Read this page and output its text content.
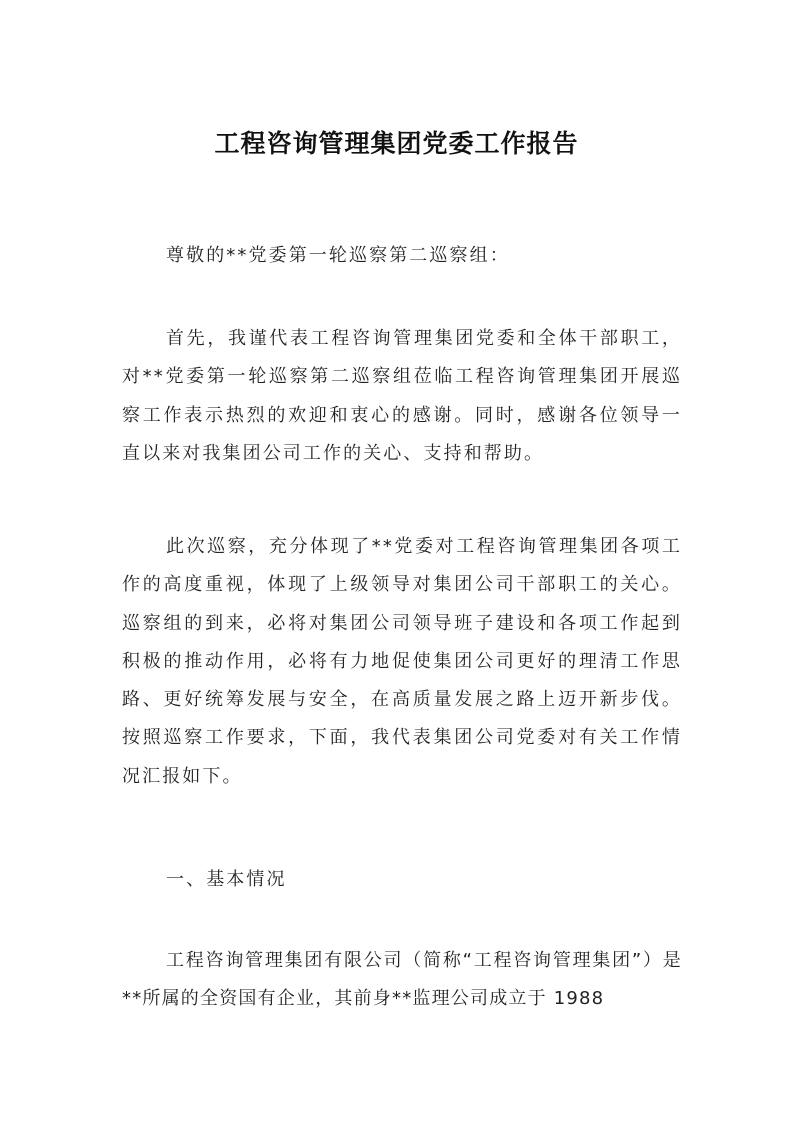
工程咨询管理集团党委工作报告

尊敬的**党委第一轮巡察第二巡察组：

首先，我谨代表工程咨询管理集团党委和全体干部职工，对**党委第一轮巡察第二巡察组莅临工程咨询管理集团开展巡察工作表示热烈的欢迎和衷心的感谢。同时，感谢各位领导一直以来对我集团公司工作的关心、支持和帮助。

此次巡察，充分体现了**党委对工程咨询管理集团各项工作的高度重视，体现了上级领导对集团公司干部职工的关心。巡察组的到来，必将对集团公司领导班子建设和各项工作起到积极的推动作用，必将有力地促使集团公司更好的理清工作思路、更好统筹发展与安全，在高质量发展之路上迈开新步伐。按照巡察工作要求，下面，我代表集团公司党委对有关工作情况汇报如下。

一、基本情况

工程咨询管理集团有限公司（简称“工程咨询管理集团”）是**所属的全资国有企业，其前身**监理公司成立于 1988
